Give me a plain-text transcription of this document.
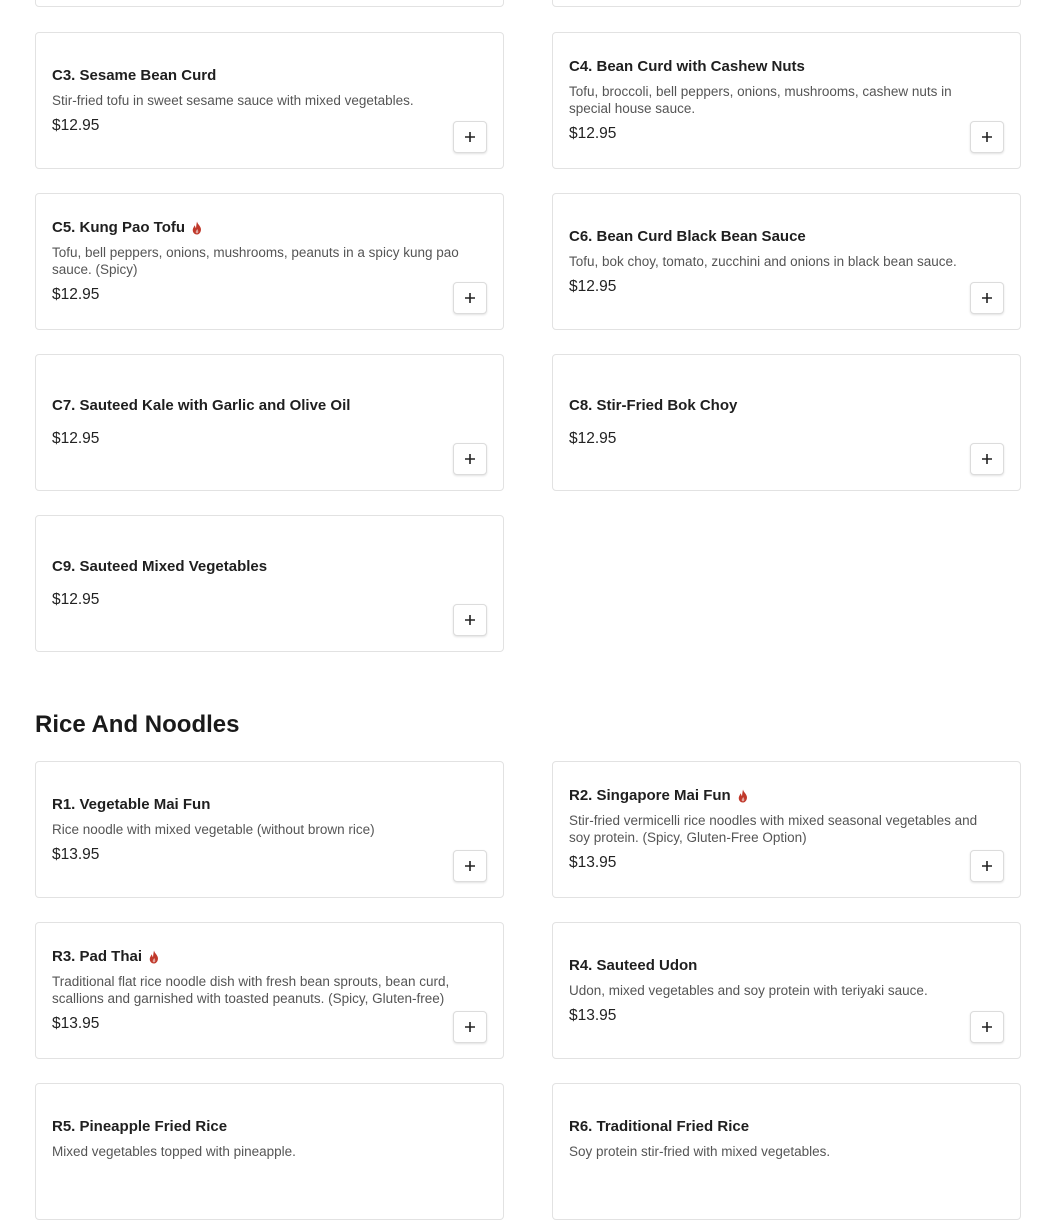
C3. Sesame Bean Curd
Stir-fried tofu in sweet sesame sauce with mixed vegetables.
$12.95
C4. Bean Curd with Cashew Nuts
Tofu, broccoli, bell peppers, onions, mushrooms, cashew nuts in special house sauce.
$12.95
C5. Kung Pao Tofu
Tofu, bell peppers, onions, mushrooms, peanuts in a spicy kung pao sauce. (Spicy)
$12.95
C6. Bean Curd Black Bean Sauce
Tofu, bok choy, tomato, zucchini and onions in black bean sauce.
$12.95
C7. Sauteed Kale with Garlic and Olive Oil
$12.95
C8. Stir-Fried Bok Choy
$12.95
C9. Sauteed Mixed Vegetables
$12.95
Rice And Noodles
R1. Vegetable Mai Fun
Rice noodle with mixed vegetable (without brown rice)
$13.95
R2. Singapore Mai Fun
Stir-fried vermicelli rice noodles with mixed seasonal vegetables and soy protein. (Spicy, Gluten-Free Option)
$13.95
R3. Pad Thai
Traditional flat rice noodle dish with fresh bean sprouts, bean curd, scallions and garnished with toasted peanuts. (Spicy, Gluten-free)
$13.95
R4. Sauteed Udon
Udon, mixed vegetables and soy protein with teriyaki sauce.
$13.95
R5. Pineapple Fried Rice
Mixed vegetables topped with pineapple.
R6. Traditional Fried Rice
Soy protein stir-fried with mixed vegetables.
